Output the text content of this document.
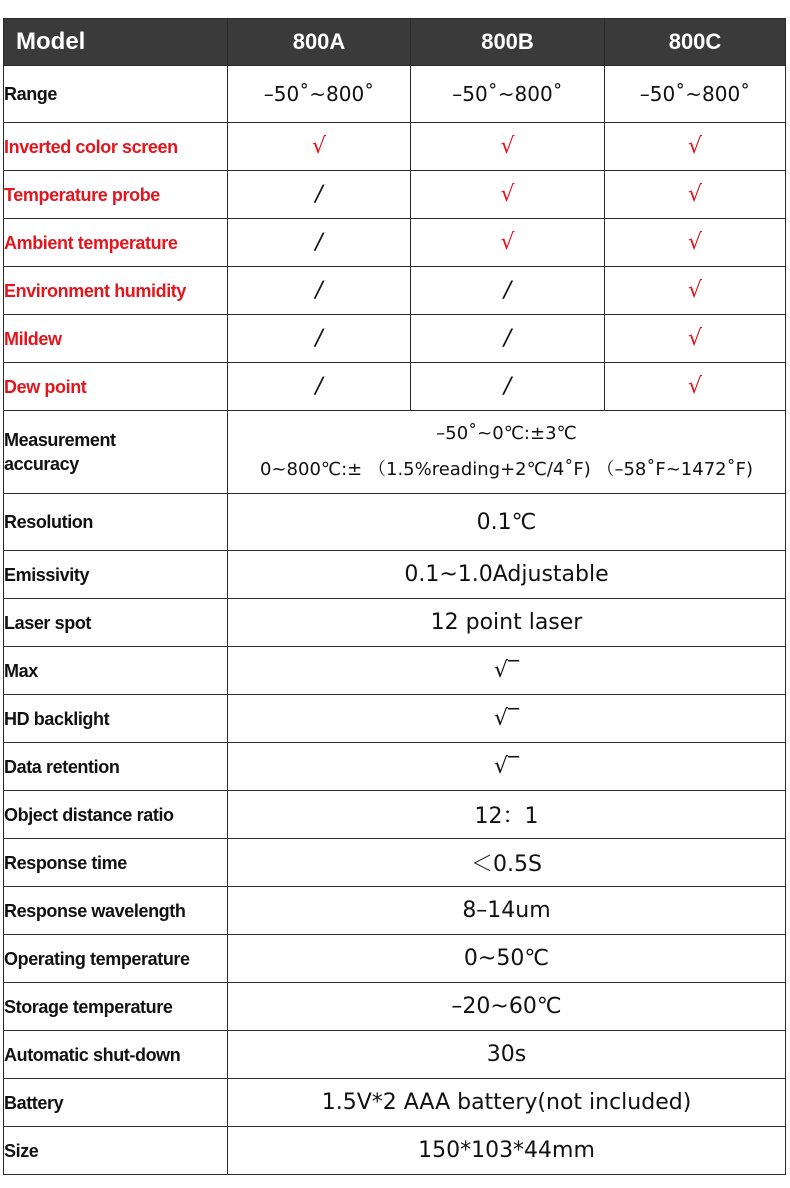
Model	800A	800B	800C
Range	–50˚~800˚	–50˚~800˚	–50˚~800˚
Inverted color screen	√	√	√
Temperature probe	/	√	√
Ambient temperature	/	√	√
Environment humidity	/	/	√
Mildew	/	/	√
Dew point	/	/	√

Measurement
accuracy	–50˚~0℃:±3℃
0~800℃:± （1.5%reading+2℃/4˚F) （–58˚F~1472˚F)		

Resolution	0.1℃		
Emissivity	0.1~1.0Adjustable		
Laser spot	12 point laser		
Max	√‾		
HD backlight	√‾		
Data retention	√‾		
Object distance ratio	12：1		
Response time	＜0.5S		
Response wavelength	8–14um		
Operating temperature	0~50℃		
Storage temperature	–20~60℃		
Automatic shut-down	30s		
Battery	1.5V*2 AAA battery(not included)		
Size	150*103*44mm		
